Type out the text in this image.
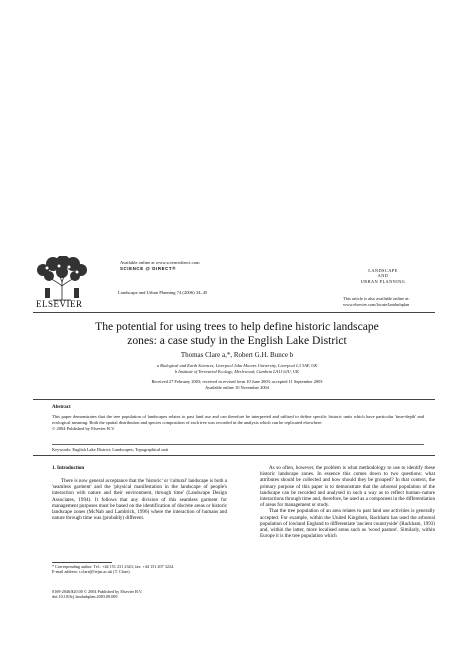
ELSEVIER
Available online at www.sciencedirect.com
SCIENCE @ DIRECT®
Landscape and Urban Planning 74 (2006) 34–45
LANDSCAPE
AND
URBAN PLANNING
This article is also available online at:
www.elsevier.com/locate/landurbplan
The potential for using trees to help define historic landscape
zones: a case study in the English Lake District
Thomas Clare a,*, Robert G.H. Bunce b
a Biological and Earth Sciences, Liverpool John Moores University, Liverpool L3 3AF, UK
b Institute of Terrestrial Ecology, Merlewood, Cumbria LA11 6JU, UK
Received 27 February 2003; received in revised form 10 June 2003; accepted 11 September 2003
Available online 10 November 2004
Abstract
This paper demonstrates that the tree population of landscapes relates to past land use and can therefore be interpreted and utilised to define specific historic units which have particular 'time-depth' and ecological meaning. Both the spatial distribution and species composition of each tree was recorded in the analysis which can be replicated elsewhere.
© 2004 Published by Elsevier B.V.
Keywords: English Lake District; Landscapes; Topographical unit
1. Introduction

There is now general acceptance that the 'historic' or 'cultural' landscape is both a 'seamless garment' and the 'physical manifestation in the landscape of people's interaction with nature and their environment, through time' (Landscape Design Associates, 1994). It follows that any division of this seamless garment for management purposes must be based on the identification of discrete areas or historic landscape zones (McNab and Lambrick, 1996) where the interaction of humans and nature through time was (probably) different.

As so often, however, the problem is what methodology to use to identify these historic landscape zones. In essence this comes down to two questions: what attributes should be collected and how should they be grouped? In that context, the primary purpose of this paper is to demonstrate that the arboreal population of the landscape can be recorded and analysed in such a way as to reflect human–nature interactions through time and, therefore, be used as a component in the differentiation of areas for management or study.

That the tree population of an area relates to past land use activities is generally accepted. For example, within the United Kingdom, Rackham has used the arboreal population of lowland England to differentiate 'ancient countryside' (Rackham, 1993) and, within the latter, more localised areas such as 'wood pasture'. Similarly, within Europe it is the tree population which

* Corresponding author. Tel.: +44 151 231 2343; fax: +44 151 207 3224.
E-mail address: t.clare@livjm.ac.uk (T. Clare).
0169-2046/$20.00 © 2004 Published by Elsevier B.V.
doi:10.1016/j.landurbplan.2003.09.009
